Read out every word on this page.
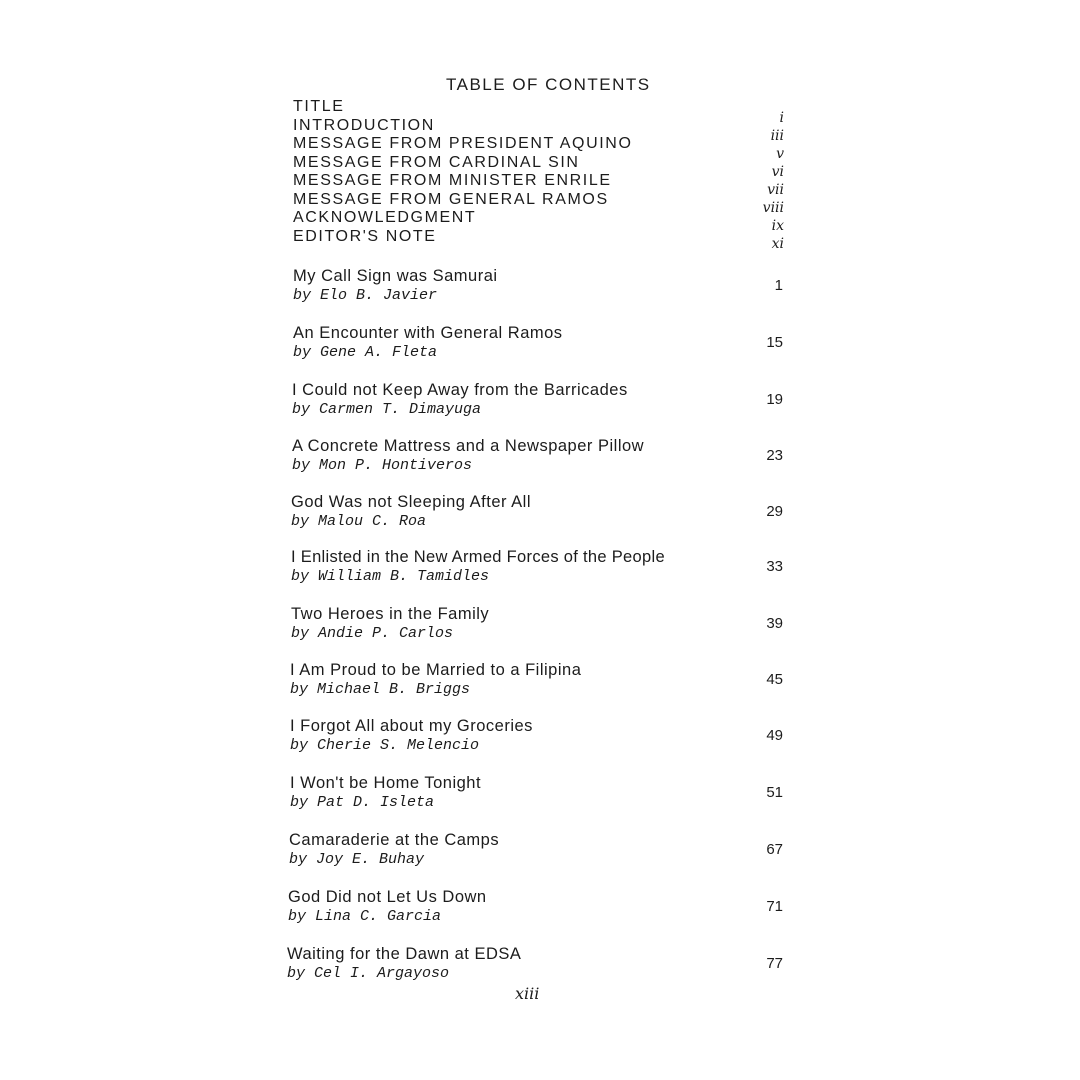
TABLE OF CONTENTS
TITLE
INTRODUCTION
MESSAGE FROM PRESIDENT AQUINO
MESSAGE FROM CARDINAL SIN
MESSAGE FROM MINISTER ENRILE
MESSAGE FROM GENERAL RAMOS
ACKNOWLEDGMENT
EDITOR'S NOTE
i
iii
v
vi
vii
viii
ix
xi
My Call Sign was Samurai
by Elo B. Javier
1
An Encounter with General Ramos
by Gene A. Fleta
15
I Could not Keep Away from the Barricades
by Carmen T. Dimayuga
19
A Concrete Mattress and a Newspaper Pillow
by Mon P. Hontiveros
23
God Was not Sleeping After All
by Malou C. Roa
29
I Enlisted in the New Armed Forces of the People
by William B. Tamidles
33
Two Heroes in the Family
by Andie P. Carlos
39
I Am Proud to be Married to a Filipina
by Michael B. Briggs
45
I Forgot All about my Groceries
by Cherie S. Melencio
49
I Won't be Home Tonight
by Pat D. Isleta
51
Camaraderie at the Camps
by Joy E. Buhay
67
God Did not Let Us Down
by Lina C. Garcia
71
Waiting for the Dawn at EDSA
by Cel I. Argayoso
77
xiii
